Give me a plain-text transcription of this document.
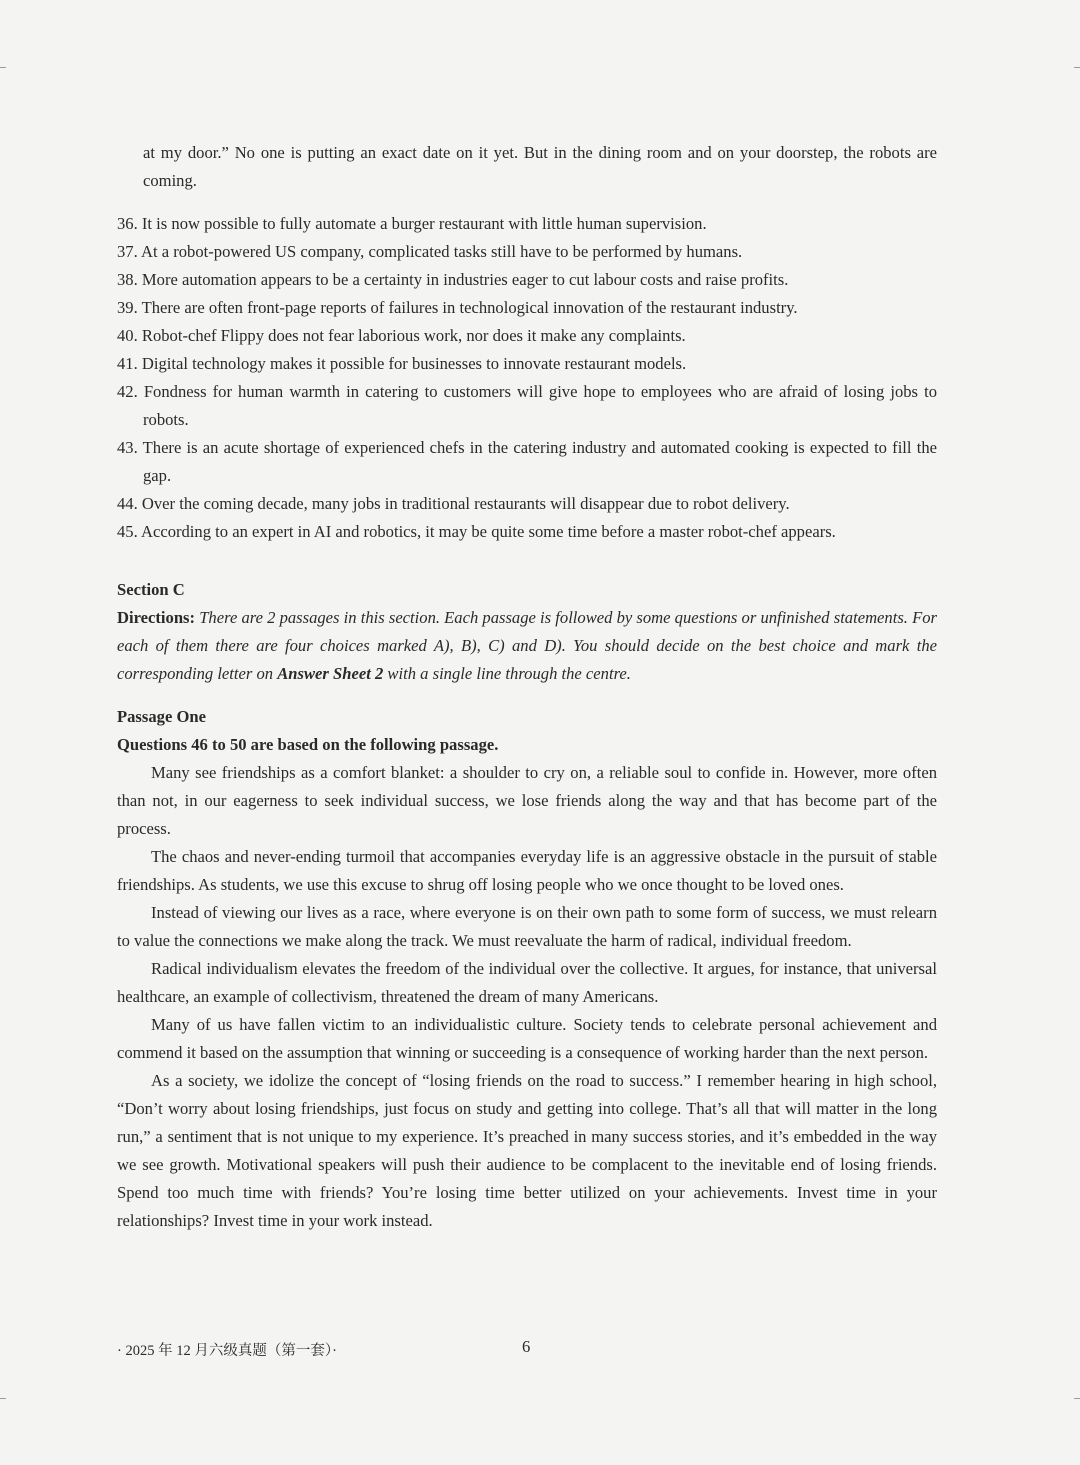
at my door.” No one is putting an exact date on it yet. But in the dining room and on your doorstep, the robots are coming.

36. It is now possible to fully automate a burger restaurant with little human supervision.

37. At a robot-powered US company, complicated tasks still have to be performed by humans.

38. More automation appears to be a certainty in industries eager to cut labour costs and raise profits.

39. There are often front-page reports of failures in technological innovation of the restaurant industry.

40. Robot-chef Flippy does not fear laborious work, nor does it make any complaints.

41. Digital technology makes it possible for businesses to innovate restaurant models.

42. Fondness for human warmth in catering to customers will give hope to employees who are afraid of losing jobs to robots.

43. There is an acute shortage of experienced chefs in the catering industry and automated cooking is expected to fill the gap.

44. Over the coming decade, many jobs in traditional restaurants will disappear due to robot delivery.

45. According to an expert in AI and robotics, it may be quite some time before a master robot-chef appears.

Section C

Directions: There are 2 passages in this section. Each passage is followed by some questions or unfinished statements. For each of them there are four choices marked A), B), C) and D). You should decide on the best choice and mark the corresponding letter on Answer Sheet 2 with a single line through the centre.

Passage One

Questions 46 to 50 are based on the following passage.

Many see friendships as a comfort blanket: a shoulder to cry on, a reliable soul to confide in. However, more often than not, in our eagerness to seek individual success, we lose friends along the way and that has become part of the process.

The chaos and never-ending turmoil that accompanies everyday life is an aggressive obstacle in the pursuit of stable friendships. As students, we use this excuse to shrug off losing people who we once thought to be loved ones.

Instead of viewing our lives as a race, where everyone is on their own path to some form of success, we must relearn to value the connections we make along the track. We must reevaluate the harm of radical, individual freedom.

Radical individualism elevates the freedom of the individual over the collective. It argues, for instance, that universal healthcare, an example of collectivism, threatened the dream of many Americans.

Many of us have fallen victim to an individualistic culture. Society tends to celebrate personal achievement and commend it based on the assumption that winning or succeeding is a consequence of working harder than the next person.

As a society, we idolize the concept of “losing friends on the road to success.” I remember hearing in high school, “Don’t worry about losing friendships, just focus on study and getting into college. That’s all that will matter in the long run,” a sentiment that is not unique to my experience. It’s preached in many success stories, and it’s embedded in the way we see growth. Motivational speakers will push their audience to be complacent to the inevitable end of losing friends. Spend too much time with friends? You’re losing time better utilized on your achievements. Invest time in your relationships? Invest time in your work instead.

· 2025 年 12 月六级真题（第一套）·	6
